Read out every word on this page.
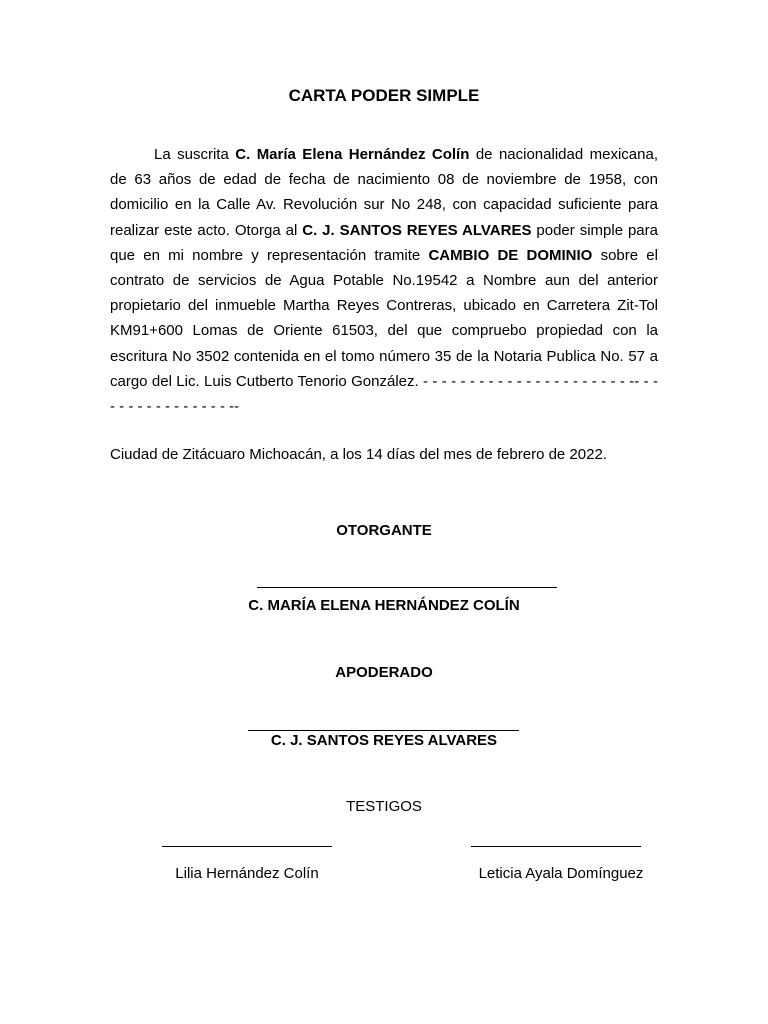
CARTA PODER SIMPLE

La suscrita C. María Elena Hernández Colín de nacionalidad mexicana, de 63 años de edad de fecha de nacimiento 08 de noviembre de 1958, con domicilio en la Calle Av. Revolución sur No 248, con capacidad suficiente para realizar este acto. Otorga al C. J. SANTOS REYES ALVARES poder simple para que en mi nombre y representación tramite CAMBIO DE DOMINIO sobre el contrato de servicios de Agua Potable No.19542 a Nombre aun del anterior propietario del inmueble Martha Reyes Contreras, ubicado en Carretera Zit-Tol KM91+600 Lomas de Oriente 61503, del que compruebo propiedad con la escritura No 3502 contenida en el tomo número 35 de la Notaria Publica No. 57 a cargo del Lic. Luis Cutberto Tenorio González. - - - - - - - - - - - - - - - - - - - - - - -- - - - - - - - - - - - - - - - --

Ciudad de Zitácuaro Michoacán, a los 14 días del mes de febrero de 2022.
OTORGANTE
C. MARÍA ELENA HERNÁNDEZ COLÍN
APODERADO
C. J. SANTOS REYES ALVARES
TESTIGOS
Lilia Hernández Colín	Leticia Ayala Domínguez
